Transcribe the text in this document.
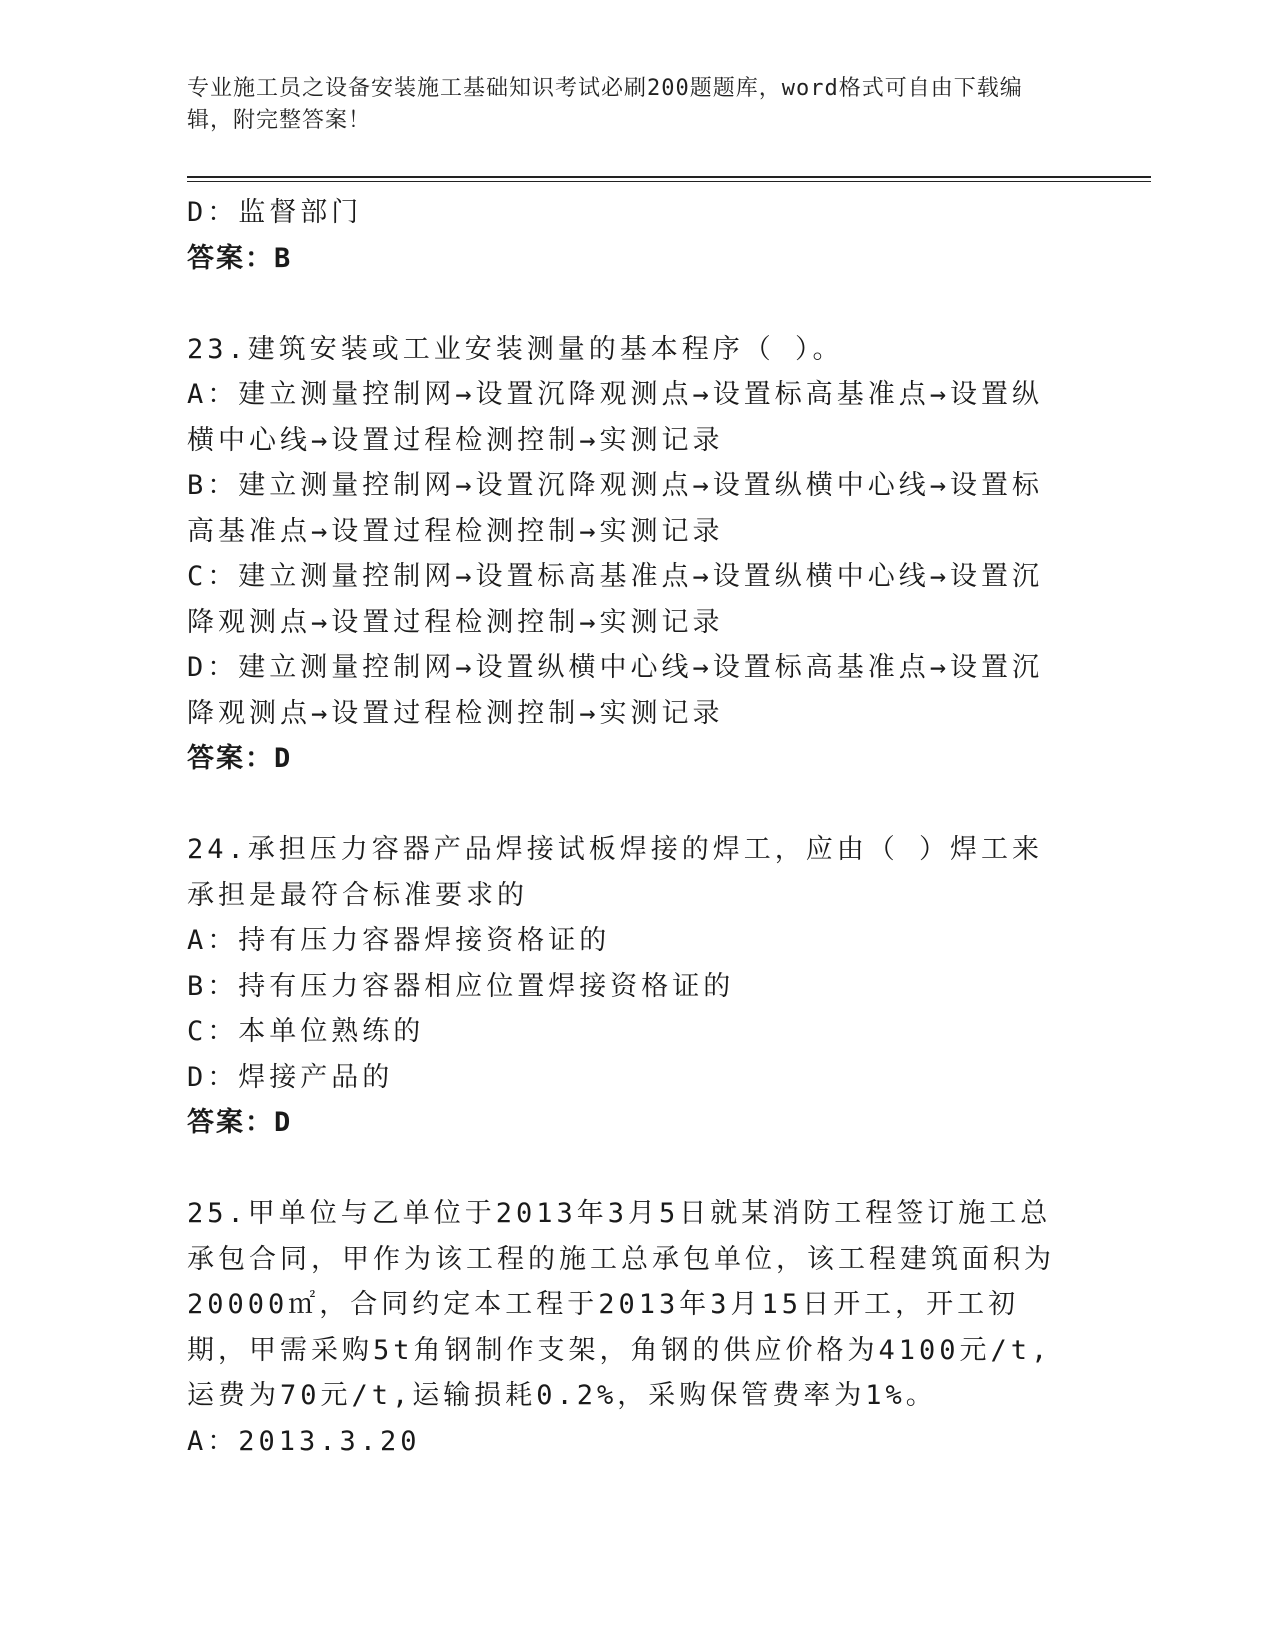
专业施工员之设备安装施工基础知识考试必刷200题题库，word格式可自由下载编辑，附完整答案！
D：监督部门
答案：B
23.建筑安装或工业安装测量的基本程序（ ）。
A：建立测量控制网→设置沉降观测点→设置标高基准点→设置纵横中心线→设置过程检测控制→实测记录
B：建立测量控制网→设置沉降观测点→设置纵横中心线→设置标高基准点→设置过程检测控制→实测记录
C：建立测量控制网→设置标高基准点→设置纵横中心线→设置沉降观测点→设置过程检测控制→实测记录
D：建立测量控制网→设置纵横中心线→设置标高基准点→设置沉降观测点→设置过程检测控制→实测记录
答案：D
24.承担压力容器产品焊接试板焊接的焊工，应由（ ）焊工来承担是最符合标准要求的
A：持有压力容器焊接资格证的
B：持有压力容器相应位置焊接资格证的
C：本单位熟练的
D：焊接产品的
答案：D
25.甲单位与乙单位于2013年3月5日就某消防工程签订施工总承包合同，甲作为该工程的施工总承包单位，该工程建筑面积为20000㎡，合同约定本工程于2013年3月15日开工，开工初期，甲需采购5t角钢制作支架，角钢的供应价格为4100元/t,运费为70元/t,运输损耗0.2%，采购保管费率为1%。
A：2013.3.20
